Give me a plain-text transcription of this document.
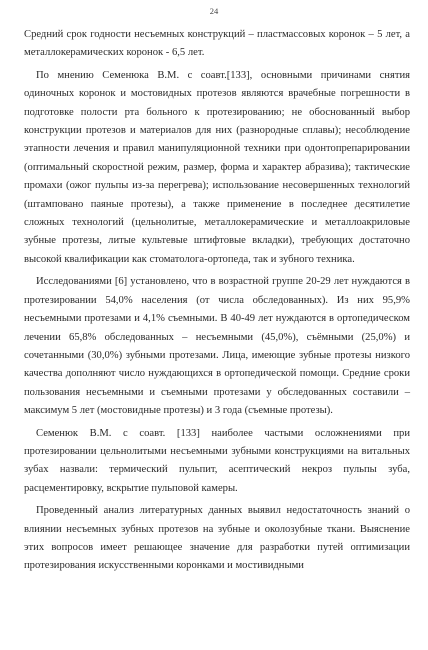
24

Средний срок годности несъемных конструкций – пластмассовых коронок – 5 лет, а металлокерамических коронок - 6,5 лет.

По мнению Семенюка В.М. с соавт.[133], основными причинами снятия одиночных коронок и мостовидных протезов являются врачебные погрешности в подготовке полости рта больного к протезированию; не обоснованный выбор конструкции протезов и материалов для них (разнородные сплавы); несоблюдение этапности лечения и правил манипуляционной техники при одонтопрепарировании (оптимальный скоростной режим, размер, форма и характер абразива); тактические промахи (ожог пульпы из-за перегрева); использование несовершенных технологий (штамповано паяные протезы), а также применение в последнее десятилетие сложных технологий (цельнолитые, металлокерамические и металлоакриловые зубные протезы, литые культевые штифтовые вкладки), требующих достаточно высокой квалификации как стоматолога-ортопеда, так и зубного техника.

Исследованиями [6] установлено, что в возрастной группе 20-29 лет нуждаются в протезировании 54,0% населения (от числа обследованных). Из них 95,9% несъемными протезами и 4,1% съемными. В 40-49 лет нуждаются в ортопедическом лечении 65,8% обследованных – несъемными (45,0%), съёмными (25,0%) и сочетанными (30,0%) зубными протезами. Лица, имеющие зубные протезы низкого качества дополняют число нуждающихся в ортопедической помощи. Средние сроки пользования несъемными и съемными протезами у обследованных составили – максимум 5 лет (мостовидные протезы) и 3 года (съемные протезы).

Семенюк В.М. с соавт. [133] наиболее частыми осложнениями при протезировании цельнолитыми несъемными зубными конструкциями на витальных зубах назвали: термический пульпит, асептический некроз пульпы зуба, расцементировку, вскрытие пульповой камеры.

Проведенный анализ литературных данных выявил недостаточность знаний о влиянии несъемных зубных протезов на зубные и околозубные ткани. Выяснение этих вопросов имеет решающее значение для разработки путей оптимизации протезирования искусственными коронками и мостивидными
